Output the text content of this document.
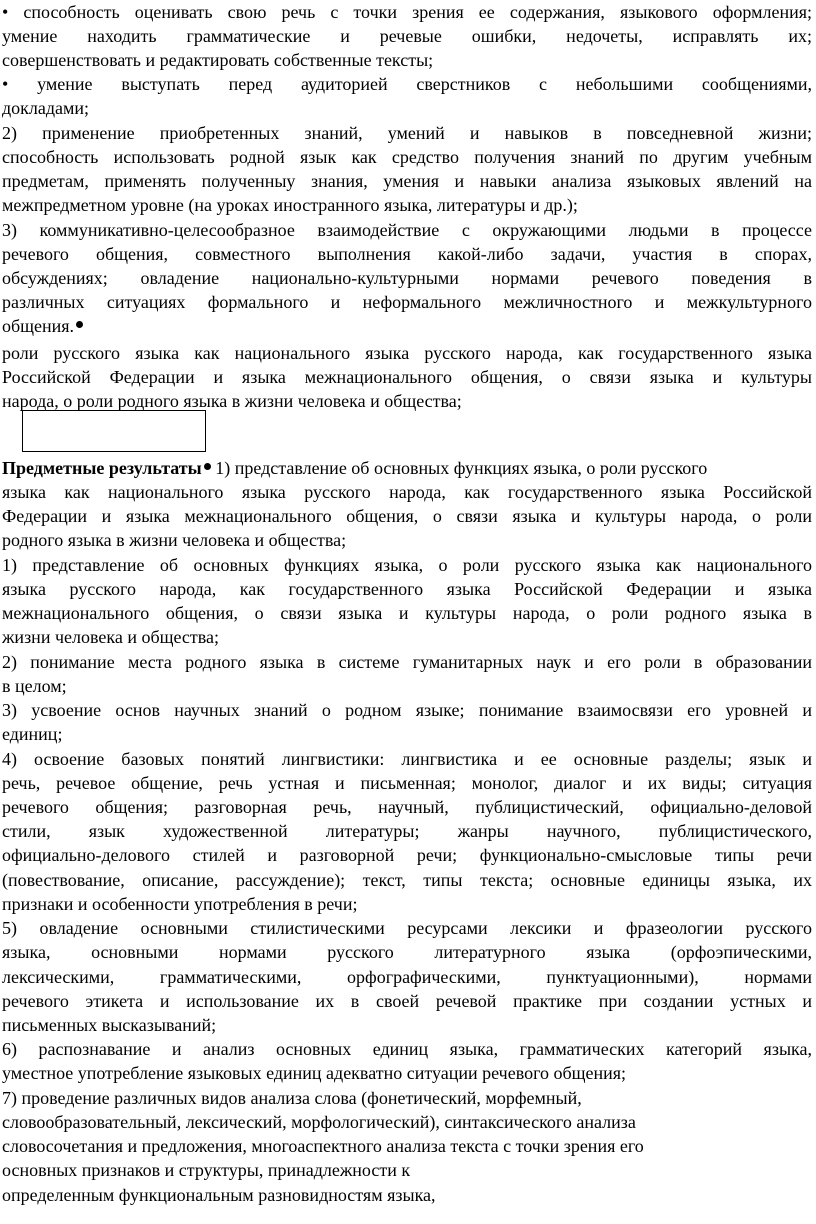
• способность оценивать свою речь с точки зрения ее содержания, языкового оформления;
умение находить грамматические и речевые ошибки, недочеты, исправлять их;
совершенствовать и редактировать собственные тексты;
• умение выступать перед аудиторией сверстников с небольшими сообщениями,
докладами;
2) применение приобретенных знаний, умений и навыков в повседневной жизни;
способность использовать родной язык как средство получения знаний по другим учебным
предметам, применять полученныу знания, умения и навыки анализа языковых явлений на
межпредметном уровне (на уроках иностранного языка, литературы и др.);
3) коммуникативно-целесообразное взаимодействие с окружающими людьми в процессе
речевого общения, совместного выполнения какой-либо задачи, участия в спорах,
обсуждениях; овладение национально-культурными нормами речевого поведения в
различных ситуациях формального и неформального межличностного и межкультурного
общения.
роли русского языка как национального языка русского народа, как государственного языка
Российской Федерации и языка межнационального общения, о связи языка и культуры
народа, о роли родного языка в жизни человека и общества;
Предметные результаты 1) представление об основных функциях языка, о роли русского
языка как национального языка русского народа, как государственного языка Российской
Федерации и языка межнационального общения, о связи языка и культуры народа, о роли
родного языка в жизни человека и общества;
1) представление об основных функциях языка, о роли русского языка как национального
языка русского народа, как государственного языка Российской Федерации и языка
межнационального общения, о связи языка и культуры народа, о роли родного языка в
жизни человека и общества;
2) понимание места родного языка в системе гуманитарных наук и его роли в образовании
в целом;
3) усвоение основ научных знаний о родном языке; понимание взаимосвязи его уровней и
единиц;
4) освоение базовых понятий лингвистики: лингвистика и ее основные разделы; язык и
речь, речевое общение, речь устная и письменная; монолог, диалог и их виды; ситуация
речевого общения; разговорная речь, научный, публицистический, официально-деловой
стили, язык художественной литературы; жанры научного, публицистического,
официально-делового стилей и разговорной речи; функционально-смысловые типы речи
(повествование, описание, рассуждение); текст, типы текста; основные единицы языка, их
признаки и особенности употребления в речи;
5) овладение основными стилистическими ресурсами лексики и фразеологии русского
языка, основными нормами русского литературного языка (орфоэпическими,
лексическими, грамматическими, орфографическими, пунктуационными), нормами
речевого этикета и использование их в своей речевой практике при создании устных и
письменных высказываний;
6) распознавание и анализ основных единиц языка, грамматических категорий языка,
уместное употребление языковых единиц адекватно ситуации речевого общения;
7) проведение различных видов анализа слова (фонетический, морфемный,
словообразовательный, лексический, морфологический), синтаксического анализа
словосочетания и предложения, многоаспектного анализа текста с точки зрения его
основных признаков и структуры, принадлежности к
определенным функциональным разновидностям языка,
